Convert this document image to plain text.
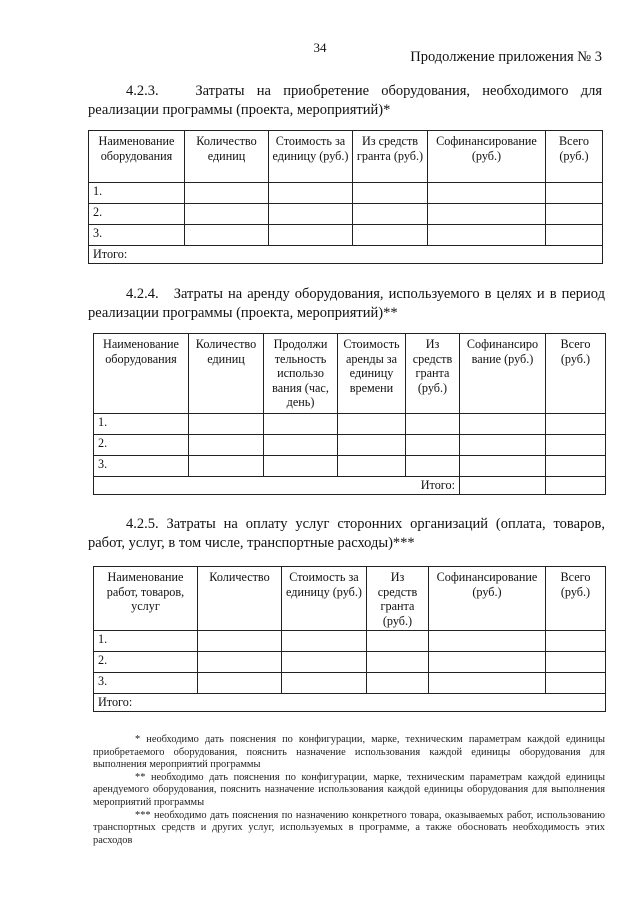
34
Продолжение приложения № 3
4.2.3.   Затраты на приобретение оборудования, необходимого для реализации программы (проекта, мероприятий)*
Наименование оборудования	Количество единиц	Стоимость за единицу (руб.)	Из средств гранта (руб.)	Софинансирование (руб.)	Всего (руб.)
1.					
2.					
3.					
Итого:					
4.2.4.   Затраты на аренду оборудования, используемого в целях и в период реализации программы (проекта, мероприятий)**
Наименование оборудования	Количество единиц	Продолжи тельность использо вания (час, день)	Стоимость аренды за единицу времени	Из средств гранта (руб.)	Софинансиро вание (руб.)	Всего (руб.)
1.						
2.						
3.						
Итого:						
4.2.5. Затраты на оплату услуг сторонних организаций (оплата, товаров, работ, услуг, в том числе, транспортные расходы)***
Наименование работ, товаров, услуг	Количество	Стоимость за единицу (руб.)	Из средств гранта (руб.)	Софинансирование (руб.)	Всего (руб.)
1.					
2.					
3.					
Итого:					

* необходимо дать пояснения по конфигурации, марке, техническим параметрам каждой единицы приобретаемого оборудования, пояснить назначение использования каждой единицы оборудования для выполнения мероприятий программы

** необходимо дать пояснения по конфигурации, марке, техническим параметрам каждой единицы арендуемого оборудования, пояснить назначение использования каждой единицы оборудования для выполнения мероприятий программы

*** необходимо дать пояснения по назначению конкретного товара, оказываемых работ, использованию транспортных средств и других услуг, используемых в программе, а также обосновать необходимость этих расходов
